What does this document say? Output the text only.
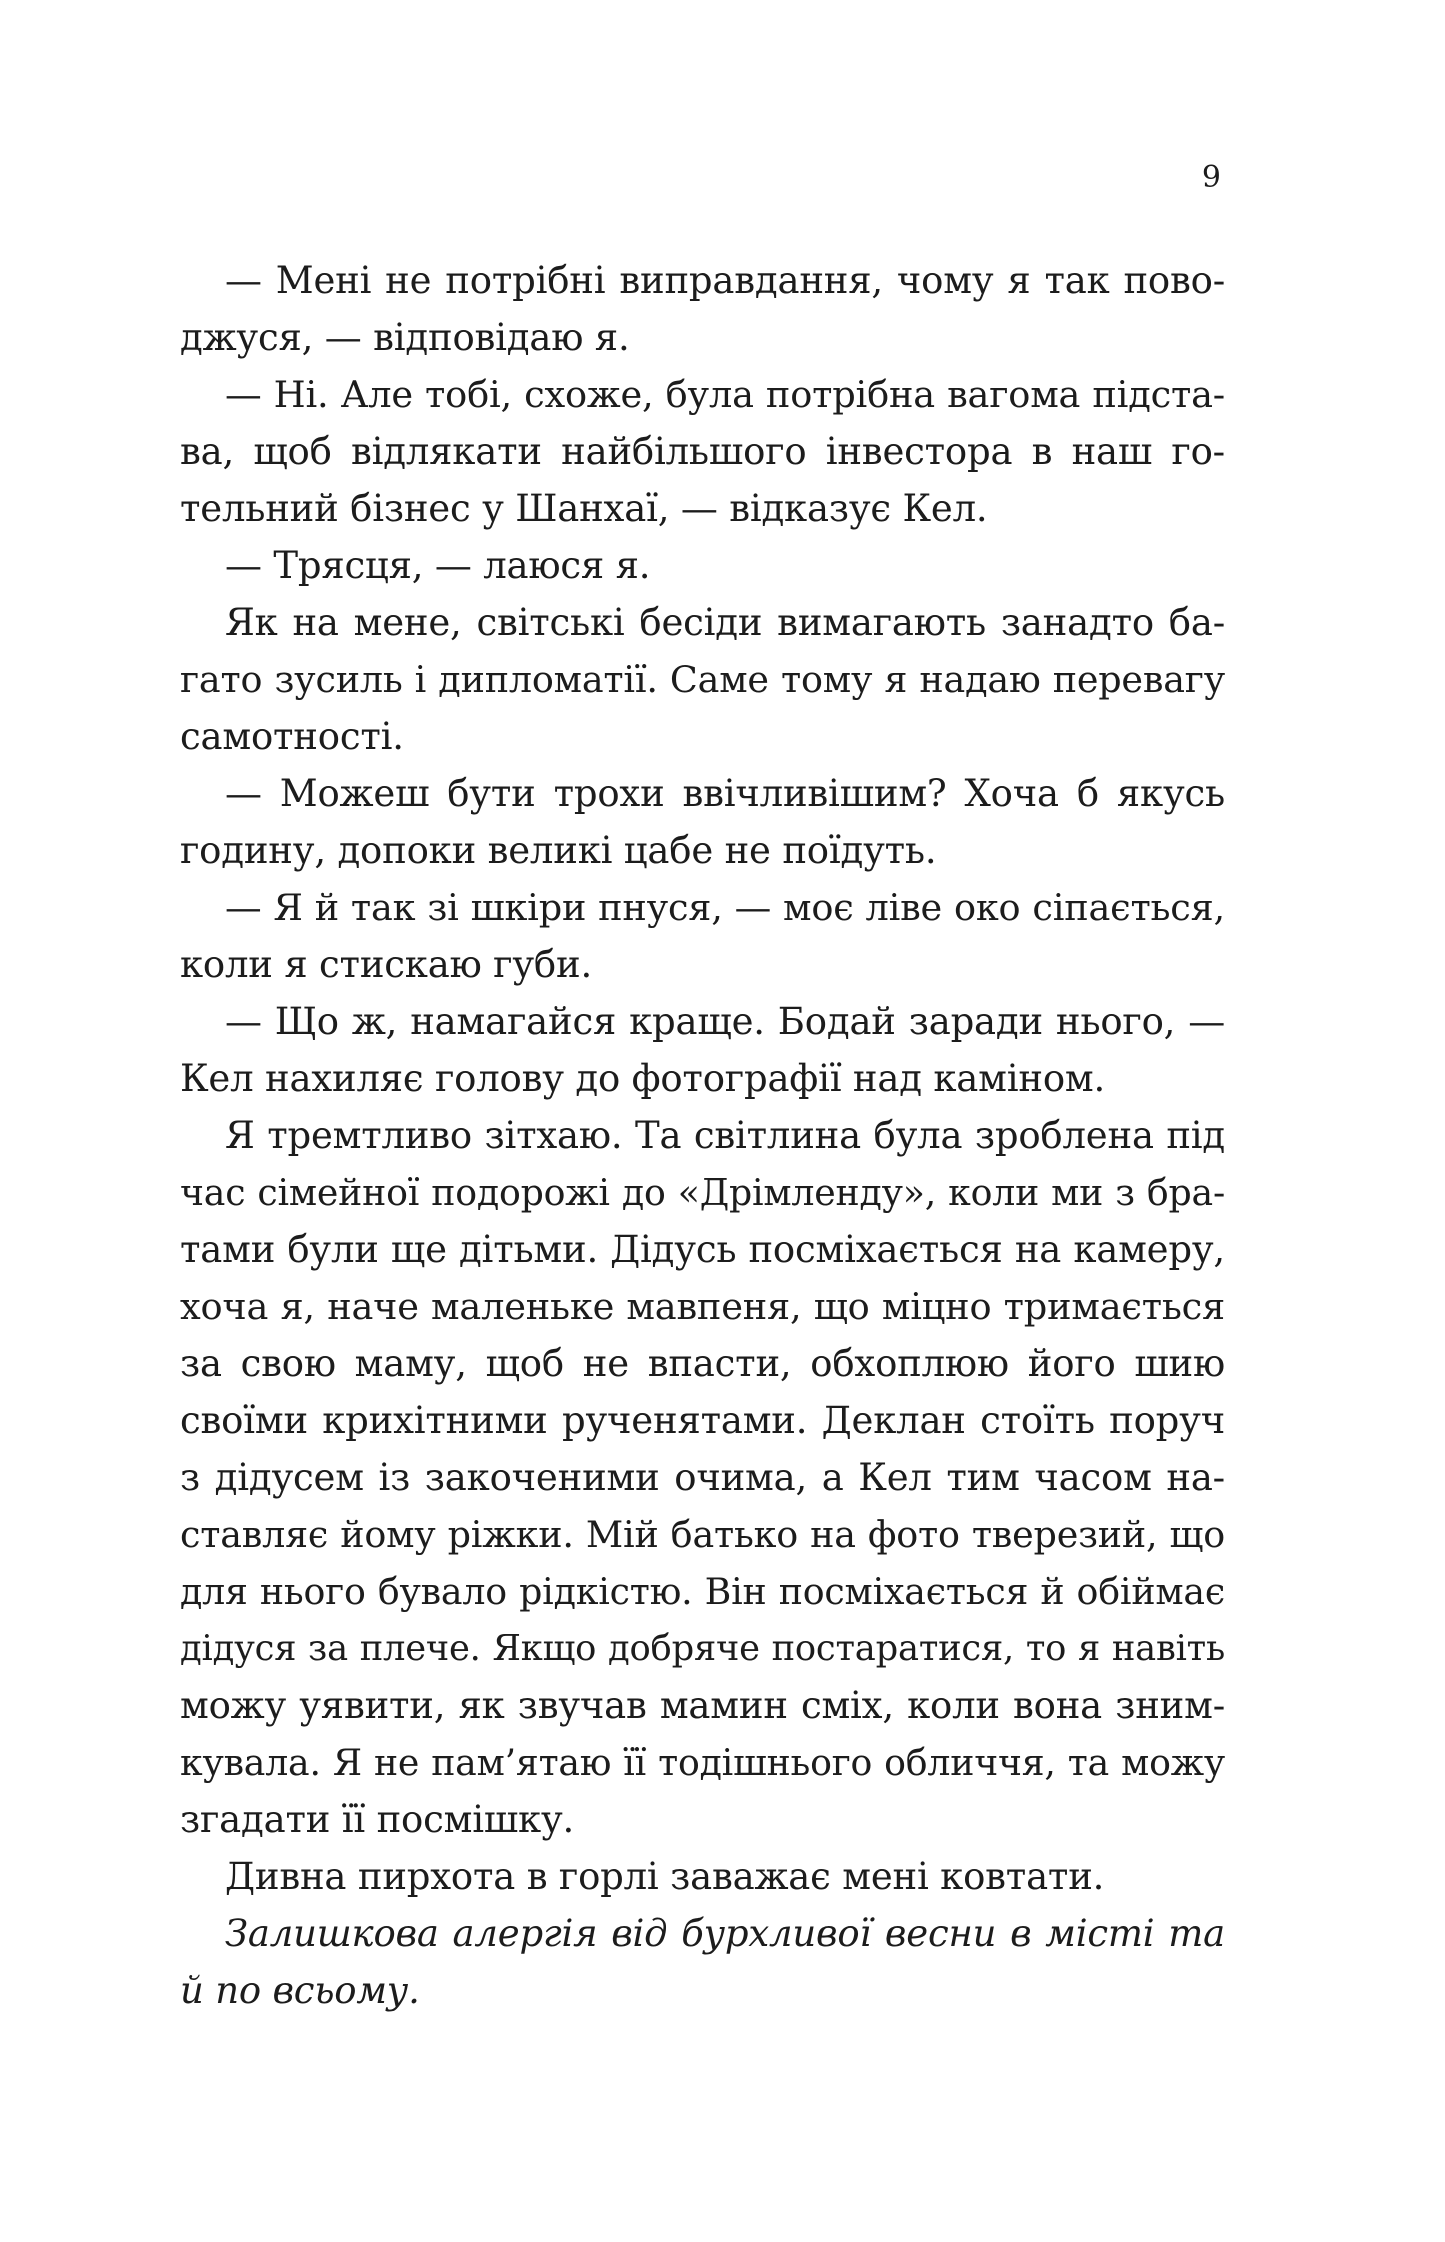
9
— Мені не потрібні виправдання, чому я так пово-
джуся, — відповідаю я.
— Ні. Але тобі, схоже, була потрібна вагома підста-
ва, щоб відлякати найбільшого інвестора в наш го-
тельний бізнес у Шанхаї, — відказує Кел.
— Трясця, — лаюся я.
Як на мене, світські бесіди вимагають занадто ба-
гато зусиль і дипломатії. Саме тому я надаю перевагу
самотності.
— Можеш бути трохи ввічливішим? Хоча б якусь
годину, допоки великі цабе не поїдуть.
— Я й так зі шкіри пнуся, — моє ліве око сіпається,
коли я стискаю губи.
— Що ж, намагайся краще. Бодай заради нього, —
Кел нахиляє голову до фотографії над каміном.
Я тремтливо зітхаю. Та світлина була зроблена під
час сімейної подорожі до «Дрімленду», коли ми з бра-
тами були ще дітьми. Дідусь посміхається на камеру,
хоча я, наче маленьке мавпеня, що міцно тримається
за свою маму, щоб не впасти, обхоплюю його шию
своїми крихітними рученятами. Деклан стоїть поруч
з дідусем із закоченими очима, а Кел тим часом на-
ставляє йому ріжки. Мій батько на фото тверезий, що
для нього бувало рідкістю. Він посміхається й обіймає
дідуся за плече. Якщо добряче постаратися, то я навіть
можу уявити, як звучав мамин сміх, коли вона зним-
кувала. Я не пам’ятаю її тодішнього обличчя, та можу
згадати її посмішку.
Дивна пирхота в горлі заважає мені ковтати.
Залишкова алергія від бурхливої весни в місті та
й по всьому.
